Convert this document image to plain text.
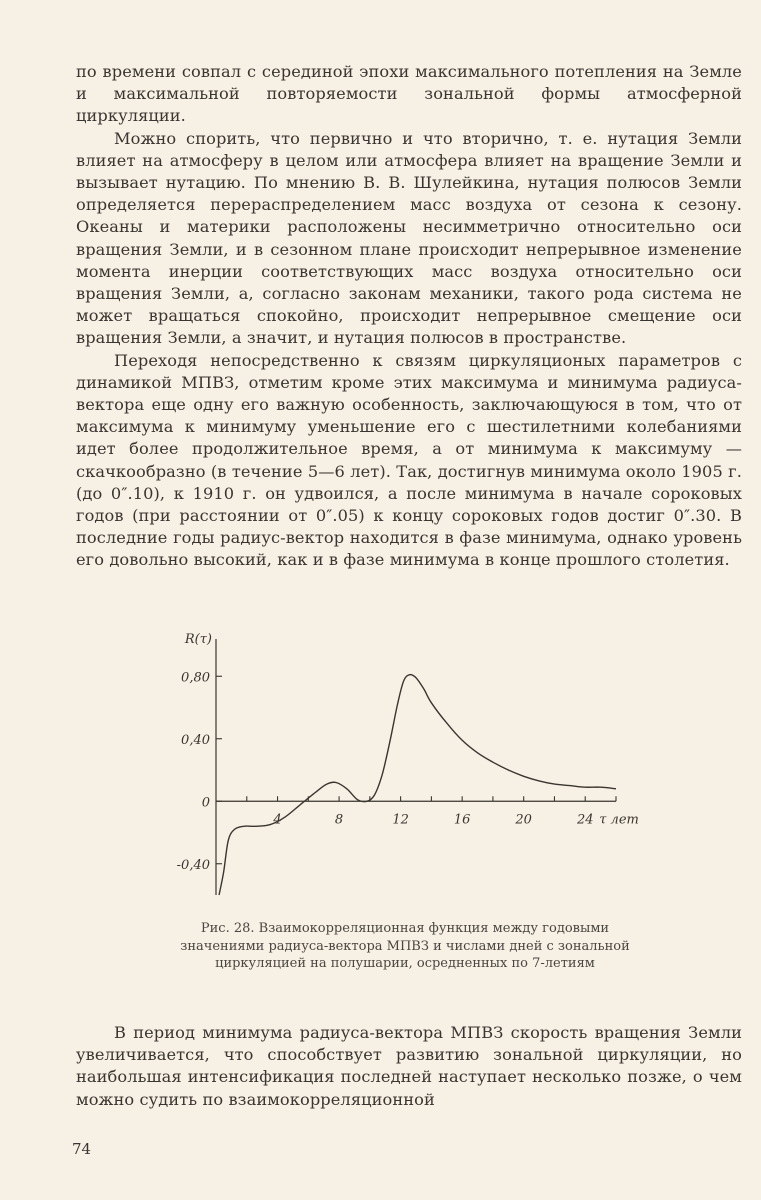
по времени совпал с серединой эпохи максимального потепления на Земле и максимальной повторяемости зональной формы атмосферной циркуляции.

Можно спорить, что первично и что вторично, т. е. нутация Земли влияет на атмосферу в целом или атмосфера влияет на вращение Земли и вызывает нутацию. По мнению В. В. Шулейкина, нутация полюсов Земли определяется перераспределением масс воздуха от сезона к сезону. Океаны и материки расположены несимметрично относительно оси вращения Земли, и в сезонном плане происходит непрерывное изменение момента инерции соответствующих масс воздуха относительно оси вращения Земли, а, согласно законам механики, такого рода система не может вращаться спокойно, происходит непрерывное смещение оси вращения Земли, а значит, и нутация полюсов в пространстве.

Переходя непосредственно к связям циркуляционых параметров с динамикой МПВЗ, отметим кроме этих максимума и минимума радиуса-вектора еще одну его важную особенность, заключающуюся в том, что от максимума к минимуму уменьшение его с шестилетними колебаниями идет более продолжительное время, а от минимума к максимуму — скачкообразно (в течение 5—6 лет). Так, достигнув минимума около 1905 г. (до 0″.10), к 1910 г. он удвоился, а после минимума в начале сороковых годов (при расстоянии от 0″.05) к концу сороковых годов достиг 0″.30. В последние годы радиус-вектор находится в фазе минимума, однако уровень его довольно высокий, как и в фазе минимума в конце прошлого столетия.

-0,40
0
0,40
0,80
4	8	12	16	20	24 τ лет
R(τ)
Рис. 28. Взаимокорреляционная функция между годовыми значениями радиуса-вектора МПВЗ и числами дней с зональной циркуляцией на полушарии, осредненных по 7-летиям

В период минимума радиуса-вектора МПВЗ скорость вращения Земли увеличивается, что способствует развитию зональной циркуляции, но наибольшая интенсификация последней наступает несколько позже, о чем можно судить по взаимокорреляционной

74
